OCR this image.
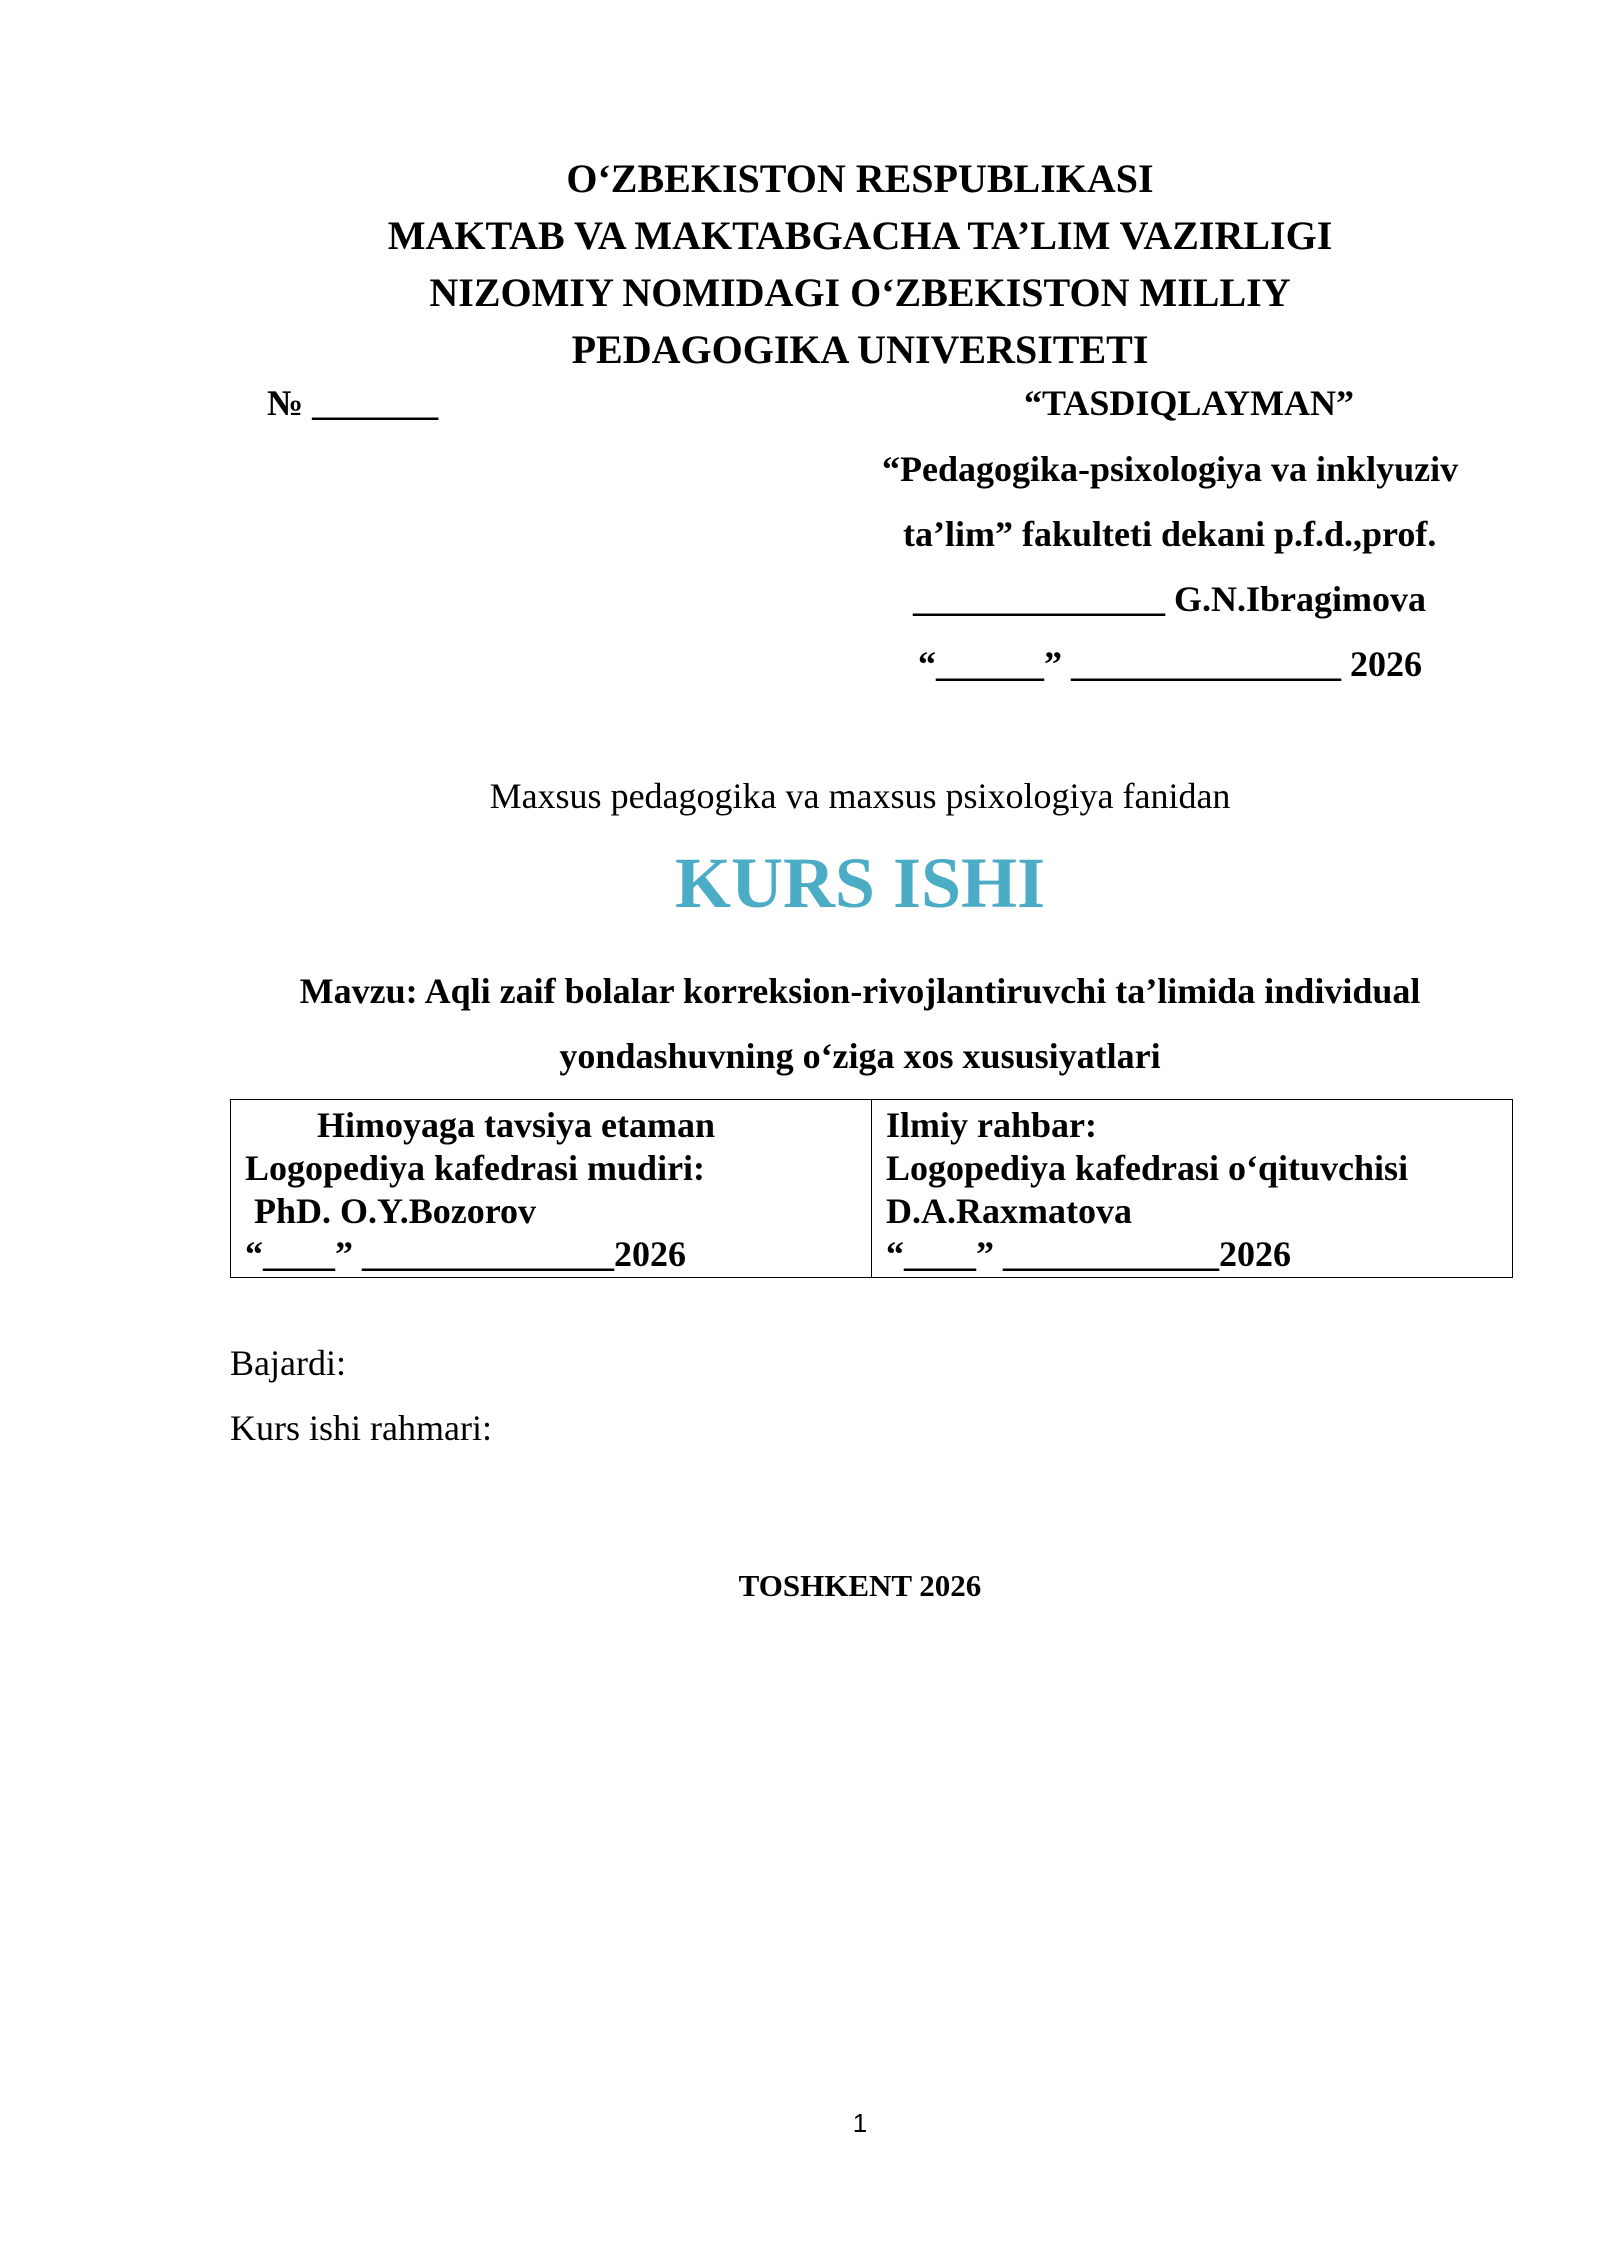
O‘ZBEKISTON RESPUBLIKASI
MAKTAB VA MAKTABGACHA TA’LIM VAZIRLIGI
NIZOMIY NOMIDAGI O‘ZBEKISTON MILLIY
PEDAGOGIKA UNIVERSITETI
№ _______	“TASDIQLAYMAN”
“Pedagogika-psixologiya va inklyuziv
ta’lim” fakulteti dekani p.f.d.,prof.
______________ G.N.Ibragimova
“______” _______________ 2026
Maxsus pedagogika va maxsus psixologiya fanidan
KURS ISHI
Mavzu: Aqli zaif bolalar korreksion-rivojlantiruvchi ta’limida individual
yondashuvning o‘ziga xos xususiyatlari
Himoyaga tavsiya etaman
Logopediya kafedrasi mudiri:
PhD. O.Y.Bozorov
“____” ______________2026

Ilmiy rahbar:
Logopediya kafedrasi o‘qituvchisi
D.A.Raxmatova
“____” ____________2026
Bajardi:
Kurs ishi rahmari:
TOSHKENT 2026
1
